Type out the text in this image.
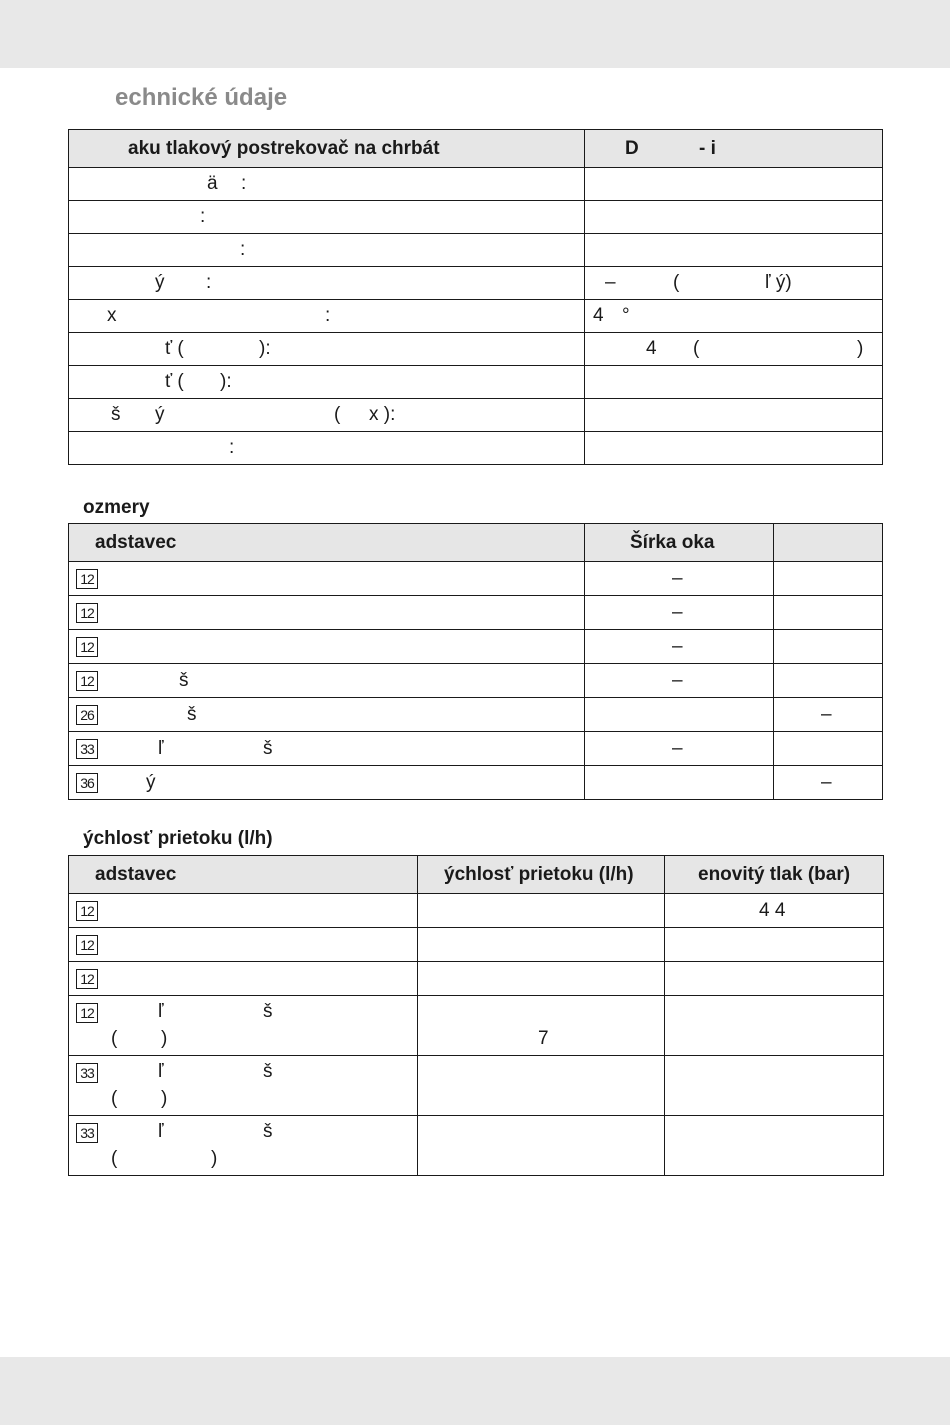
echnické údaje
aku tlakový postrekovač na chrbát	D - i

ä :	

:	

:	

ý :	– ( ľ ý)

x :	4 °

ť ( ):	4 ( )

ť ( ):	

š ý ( x ):	

:	

ozmery
adstavec	Šírka oka	

12	–	

12	–	

12	–	

12 š	–	

26 š		–

33 ľ š	–	

36 ý		–
ýchlosť prietoku (l/h)
adstavec	ýchlosť prietoku (l/h)	enovitý tlak (bar)

12		4 4

12		

12		

12 ľ š
( )	7	

33 ľ š
( )		

33 ľ š
( )		
